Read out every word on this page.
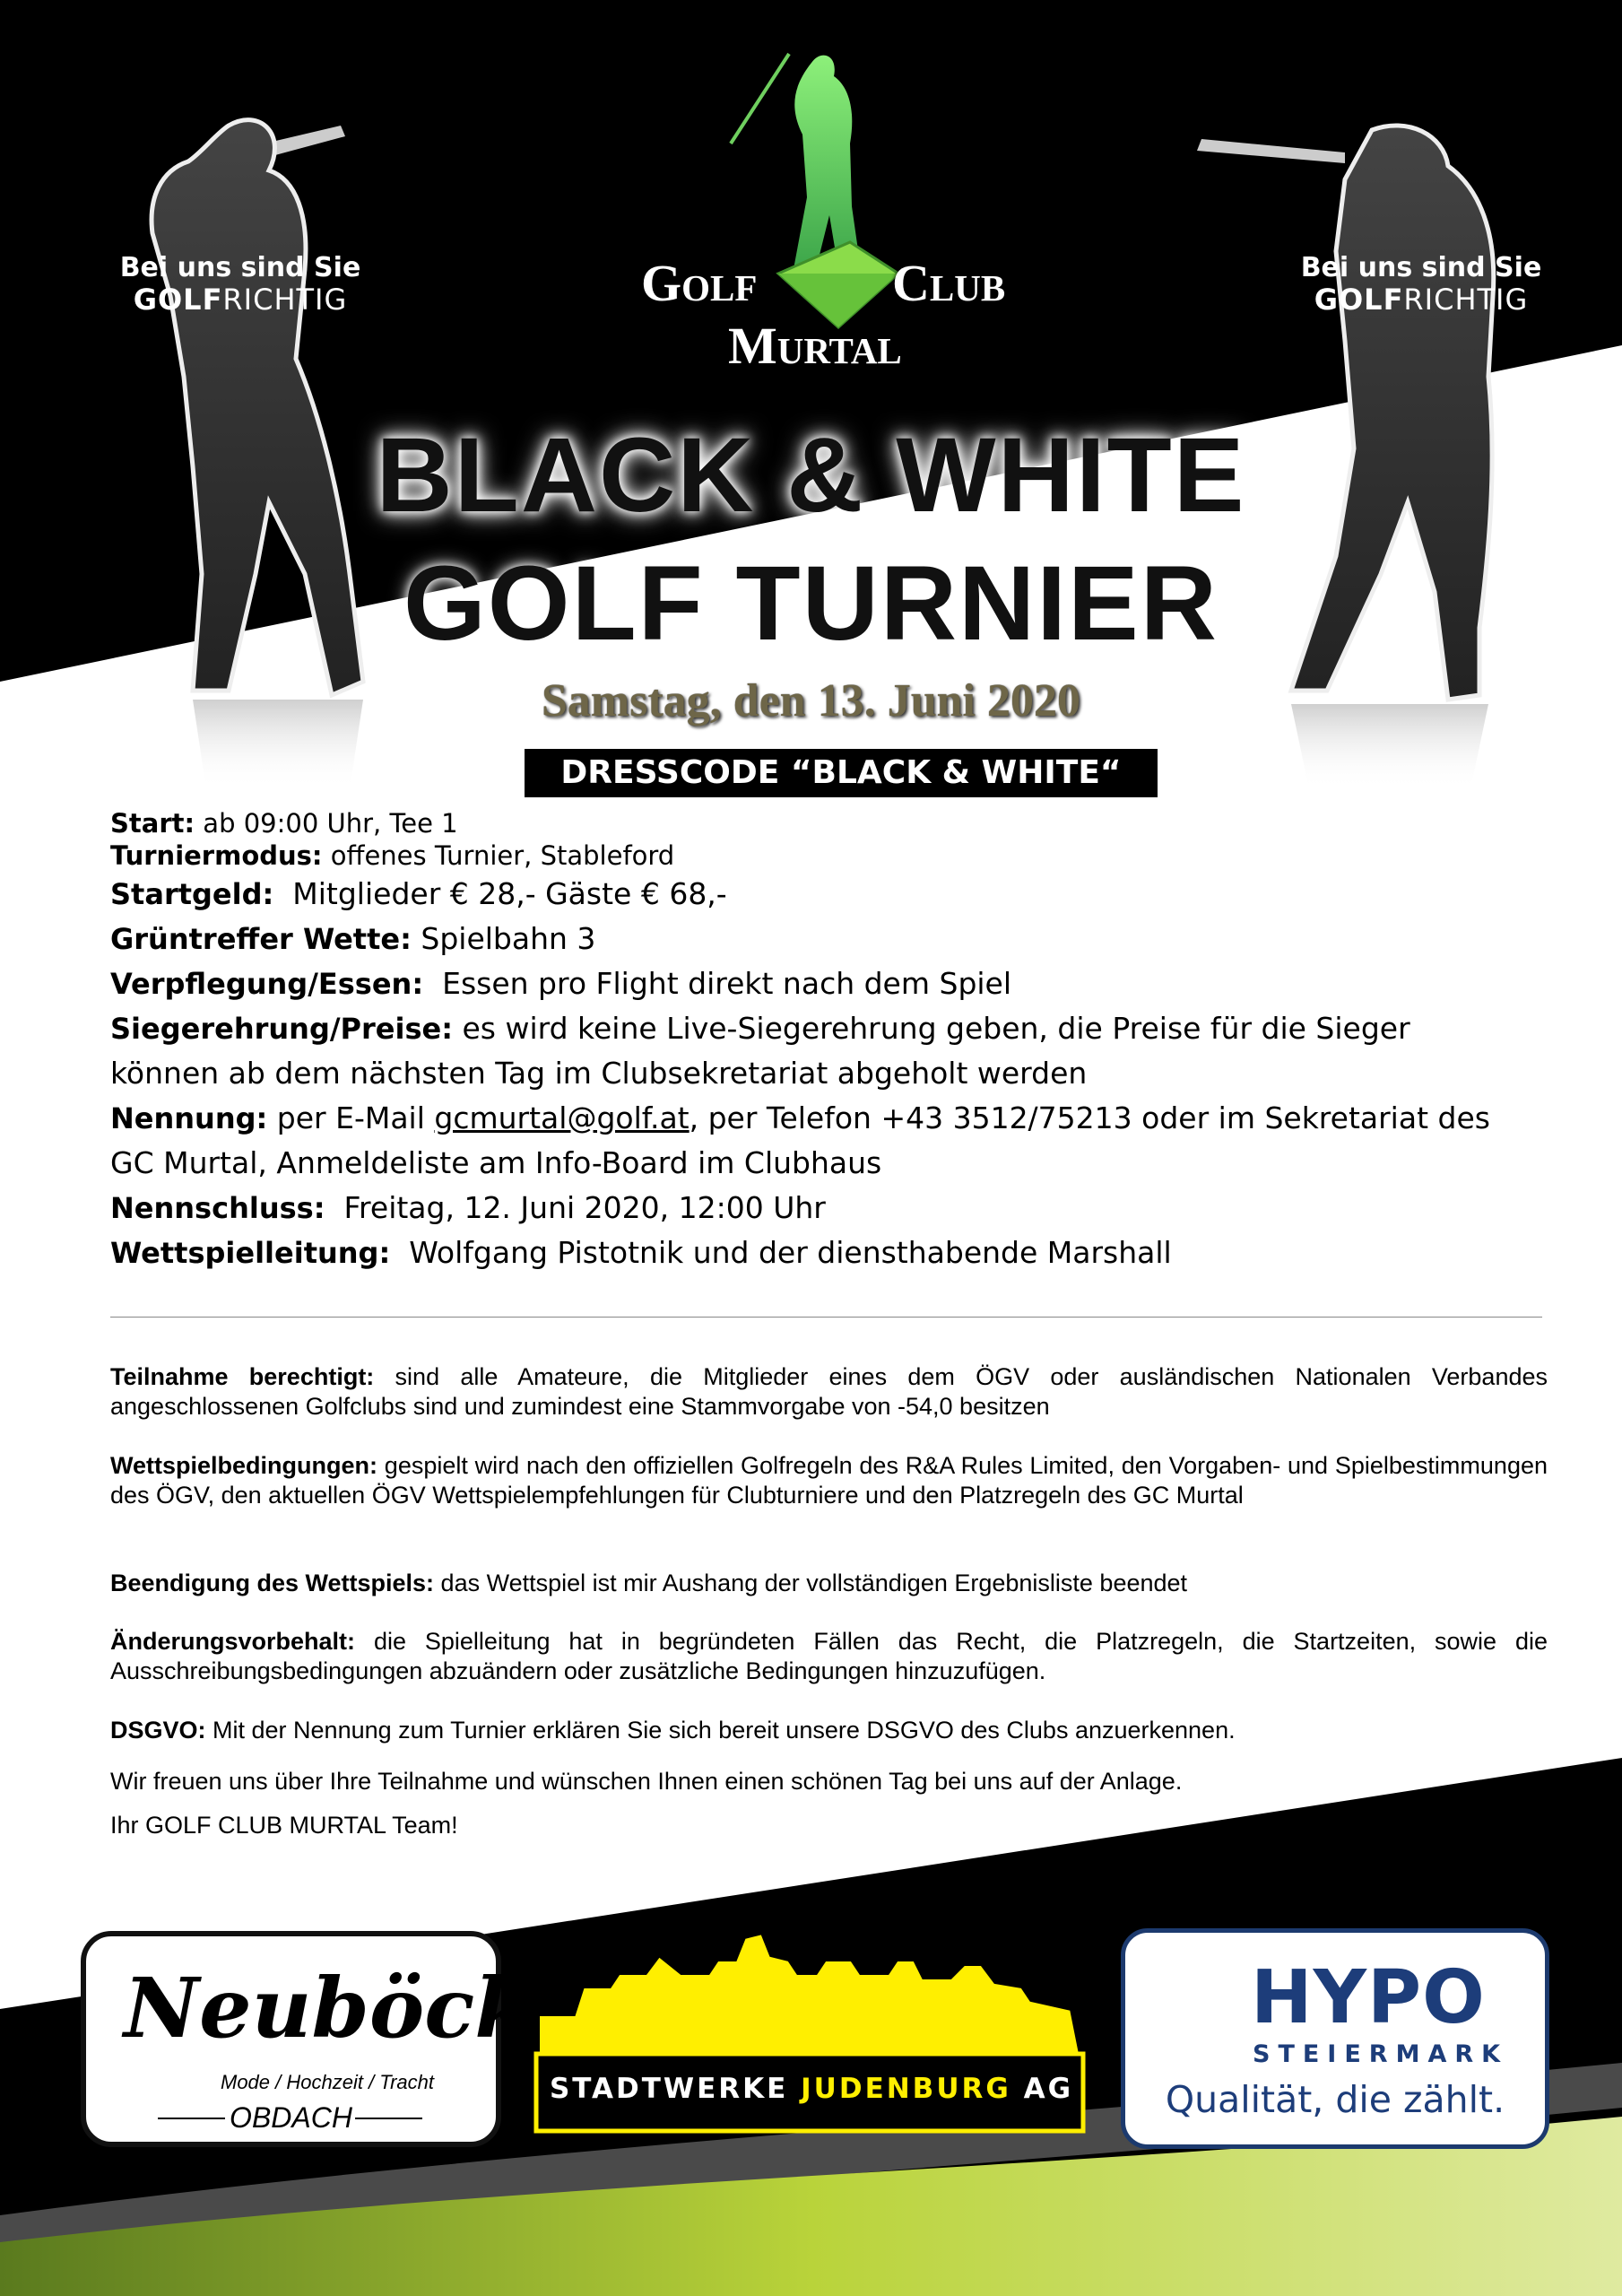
Bei uns sind Sie
GOLFRICHTIG
Bei uns sind Sie
GOLFRICHTIG
Golf	Club
Murtal
BLACK & WHITE
GOLF TURNIER
Samstag, den 13. Juni 2020
DRESSCODE “BLACK & WHITE“
Start: ab 09:00 Uhr, Tee 1
Turniermodus: offenes Turnier, Stableford
Startgeld:  Mitglieder € 28,- Gäste € 68,-
Grüntreffer Wette: Spielbahn 3
Verpflegung/Essen:  Essen pro Flight direkt nach dem Spiel
Siegerehrung/Preise: es wird keine Live-Siegerehrung geben, die Preise für die Sieger können ab dem nächsten Tag im Clubsekretariat abgeholt werden
Nennung: per E-Mail gcmurtal@golf.at, per Telefon +43 3512/75213 oder im Sekretariat des GC Murtal, Anmeldeliste am Info-Board im Clubhaus
Nennschluss:  Freitag, 12. Juni 2020, 12:00 Uhr
Wettspielleitung:  Wolfgang Pistotnik und der diensthabende Marshall
Teilnahme berechtigt: sind alle Amateure, die Mitglieder eines dem ÖGV oder ausländischen Nationalen Verbandes angeschlossenen Golfclubs sind und zumindest eine Stammvorgabe von -54,0 besitzen
Wettspielbedingungen: gespielt wird nach den offiziellen Golfregeln des R&A Rules Limited, den Vorgaben- und Spielbestimmungen des ÖGV, den aktuellen ÖGV Wettspielempfehlungen für Clubturniere und den Platzregeln des GC Murtal
Beendigung des Wettspiels: das Wettspiel ist mir Aushang der vollständigen Ergebnisliste beendet
Änderungsvorbehalt: die Spielleitung hat in begründeten Fällen das Recht, die Platzregeln, die Startzeiten, sowie die Ausschreibungsbedingungen abzuändern oder zusätzliche Bedingungen hinzuzufügen.
DSGVO: Mit der Nennung zum Turnier erklären Sie sich bereit unsere DSGVO des Clubs anzuerkennen.
Wir freuen uns über Ihre Teilnahme und wünschen Ihnen einen schönen Tag bei uns auf der Anlage.
Ihr GOLF CLUB MURTAL Team!
Neuböck
Mode / Hochzeit / Tracht
OBDACH
STADTWERKE JUDENBURG AG
HYPO
STEIERMARK
Qualität, die zählt.
